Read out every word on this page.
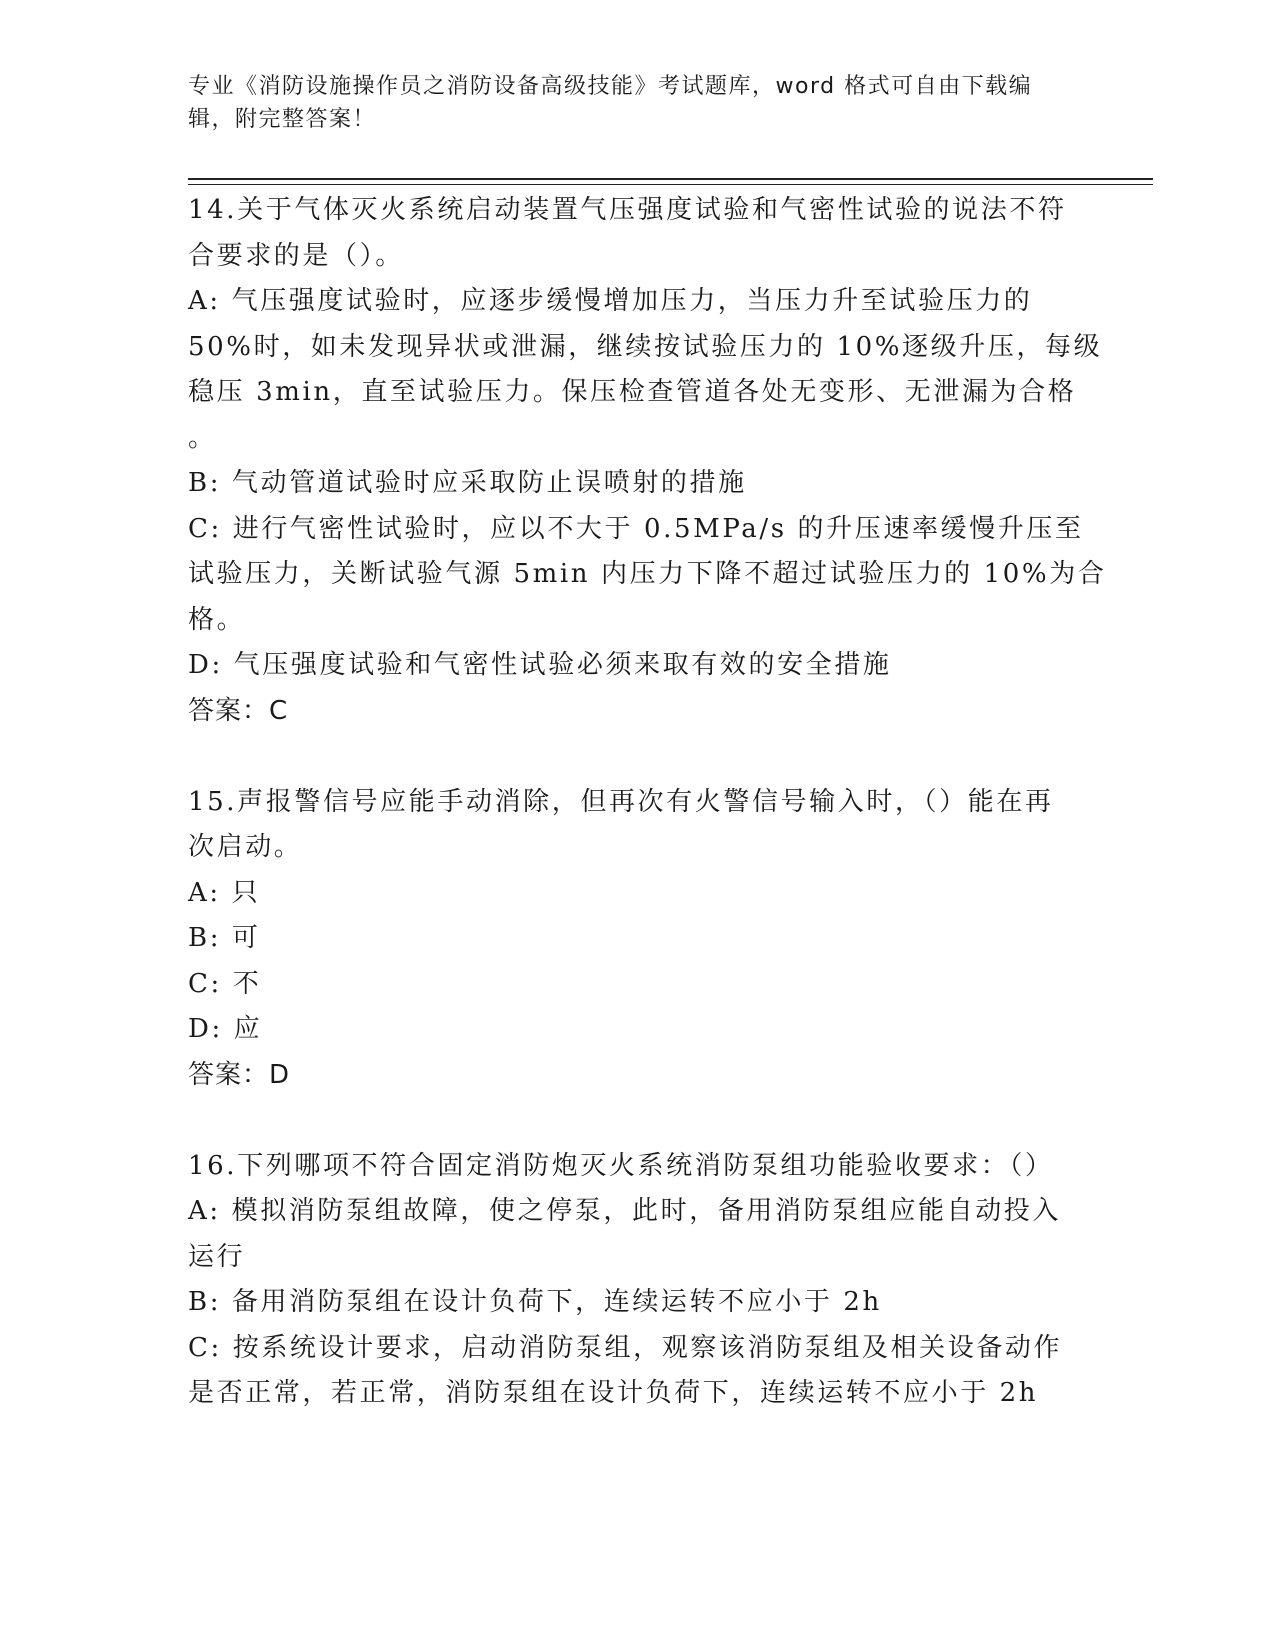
专业《消防设施操作员之消防设备高级技能》考试题库，word 格式可自由下载编
辑，附完整答案！
14.关于气体灭火系统启动装置气压强度试验和气密性试验的说法不符
合要求的是（）。
A: 气压强度试验时，应逐步缓慢增加压力，当压力升至试验压力的
50%时，如未发现异状或泄漏，继续按试验压力的 10%逐级升压，每级
稳压 3min，直至试验压力。保压检查管道各处无变形、无泄漏为合格
。
B: 气动管道试验时应采取防止误喷射的措施
C: 进行气密性试验时，应以不大于 0.5MPa/s 的升压速率缓慢升压至
试验压力，关断试验气源 5min 内压力下降不超过试验压力的 10%为合
格。
D: 气压强度试验和气密性试验必须来取有效的安全措施
答案：C
15.声报警信号应能手动消除，但再次有火警信号输入时，（）能在再
次启动。
A: 只
B: 可
C: 不
D: 应
答案：D
16.下列哪项不符合固定消防炮灭火系统消防泵组功能验收要求：（）
A: 模拟消防泵组故障，使之停泵，此时，备用消防泵组应能自动投入
运行
B: 备用消防泵组在设计负荷下，连续运转不应小于 2h
C: 按系统设计要求，启动消防泵组，观察该消防泵组及相关设备动作
是否正常，若正常，消防泵组在设计负荷下，连续运转不应小于 2h
